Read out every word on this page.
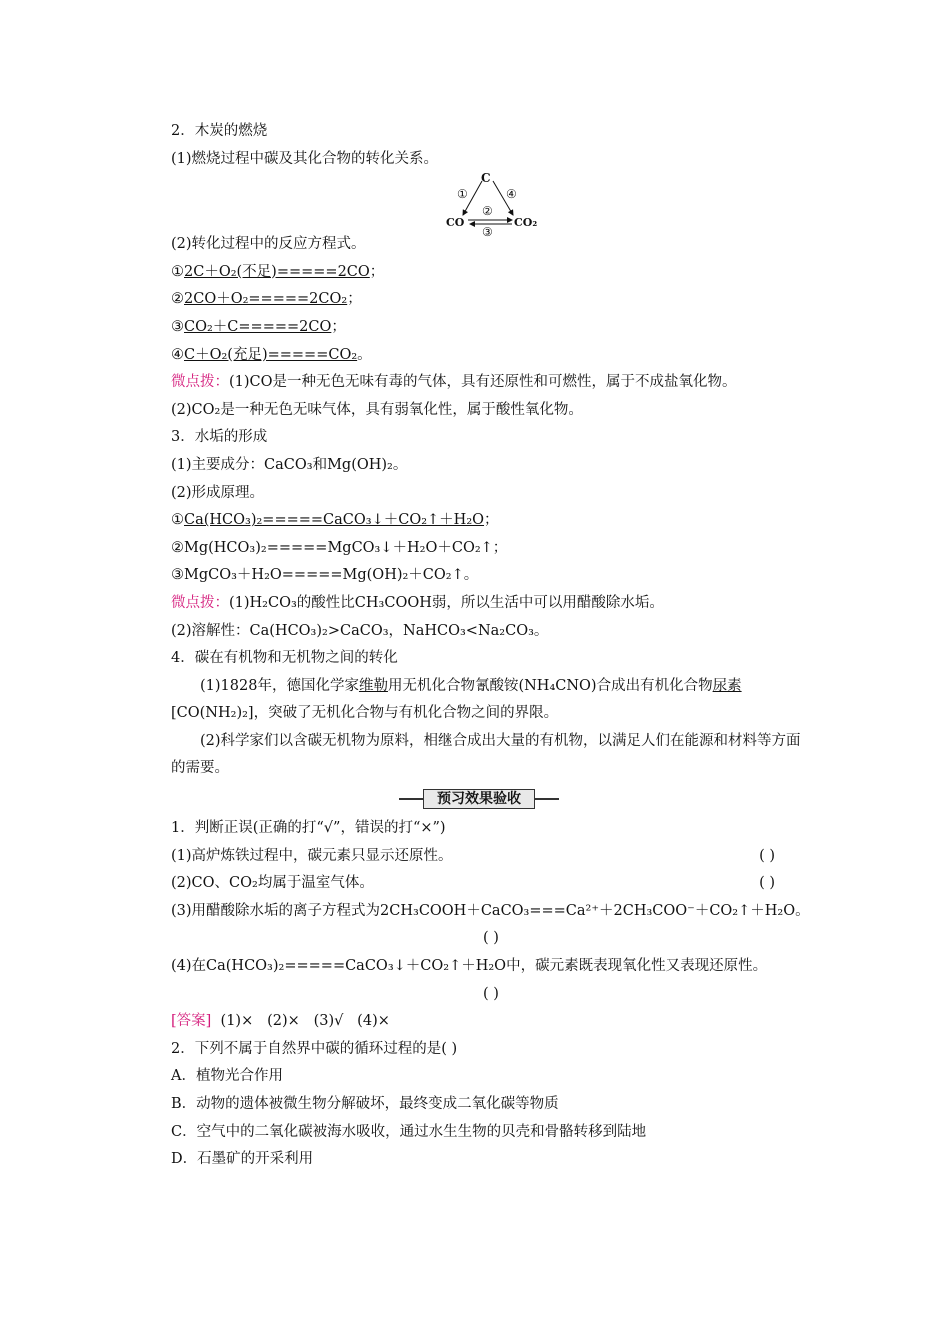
2．木炭的燃烧
(1)燃烧过程中碳及其化合物的转化关系。
C
CO	CO₂
①
②
③
④
(2)转化过程中的反应方程式。
①2C＋O₂(不足)=====2CO；
②2CO＋O₂=====2CO₂；
③CO₂＋C=====2CO；
④C＋O₂(充足)=====CO₂。
微点拨：(1)CO是一种无色无味有毒的气体，具有还原性和可燃性，属于不成盐氧化物。
(2)CO₂是一种无色无味气体，具有弱氧化性，属于酸性氧化物。
3．水垢的形成
(1)主要成分：CaCO₃和Mg(OH)₂。
(2)形成原理。
①Ca(HCO₃)₂=====CaCO₃↓＋CO₂↑＋H₂O；
②Mg(HCO₃)₂=====MgCO₃↓＋H₂O＋CO₂↑；
③MgCO₃＋H₂O=====Mg(OH)₂＋CO₂↑。
微点拨：(1)H₂CO₃的酸性比CH₃COOH弱，所以生活中可以用醋酸除水垢。
(2)溶解性：Ca(HCO₃)₂>CaCO₃，NaHCO₃<Na₂CO₃。
4．碳在有机物和无机物之间的转化
(1)1828年，德国化学家维勒用无机化合物氰酸铵(NH₄CNO)合成出有机化合物尿素
[CO(NH₂)₂]，突破了无机化合物与有机化合物之间的界限。
(2)科学家们以含碳无机物为原料，相继合成出大量的有机物，以满足人们在能源和材料等方面的需要。
预习效果验收
1．判断正误(正确的打“√”，错误的打“×”)
(1)高炉炼铁过程中，碳元素只显示还原性。	( )
(2)CO、CO₂均属于温室气体。	( )
(3)用醋酸除水垢的离子方程式为2CH₃COOH＋CaCO₃===Ca²⁺＋2CH₃COO⁻＋CO₂↑＋H₂O。
( )
(4)在Ca(HCO₃)₂=====CaCO₃↓＋CO₂↑＋H₂O中，碳元素既表现氧化性又表现还原性。
( )
[答案]  (1)×   (2)×   (3)√   (4)×
2．下列不属于自然界中碳的循环过程的是( )
A．植物光合作用
B．动物的遗体被微生物分解破坏，最终变成二氧化碳等物质
C．空气中的二氧化碳被海水吸收，通过水生生物的贝壳和骨骼转移到陆地
D．石墨矿的开采利用
